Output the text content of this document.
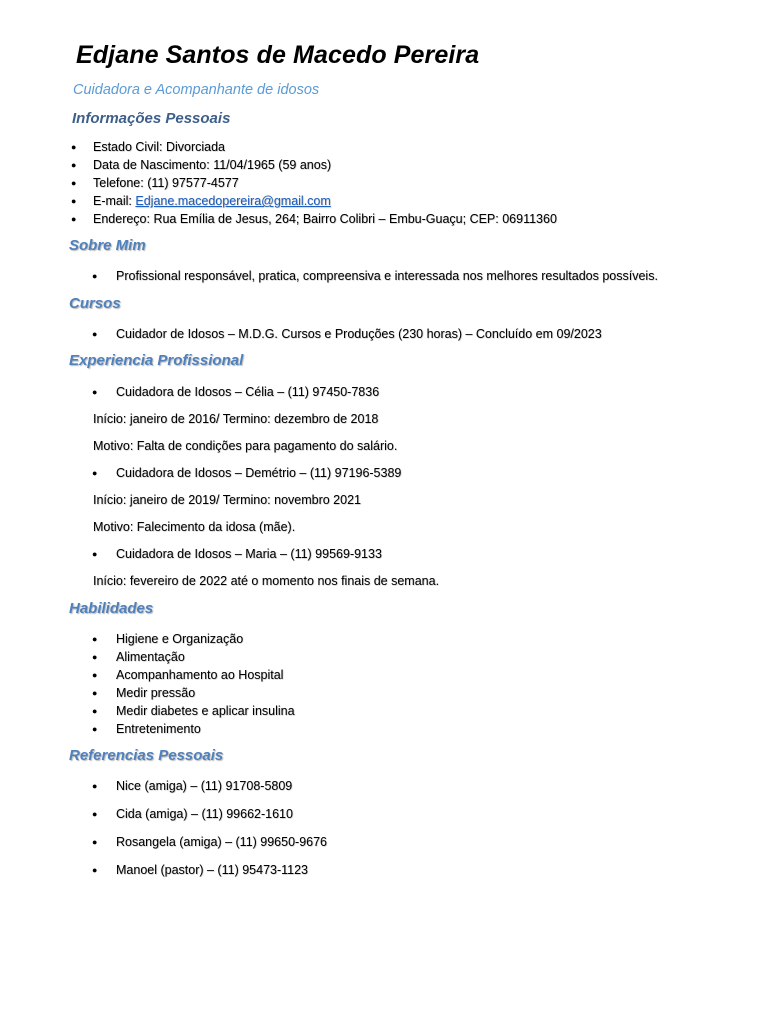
Edjane Santos de Macedo Pereira

Cuidadora e Acompanhante de idosos

Informações Pessoais
● Estado Civil: Divorciada

● Data de Nascimento: 11/04/1965 (59 anos)

● Telefone: (11) 97577-4577

● E-mail: Edjane.macedopereira@gmail.com

● Endereço: Rua Emília de Jesus, 264; Bairro Colibri – Embu-Guaçu; CEP: 06911360

Sobre Mim
● Profissional responsável, pratica, compreensiva e interessada nos melhores resultados possíveis.

Cursos
● Cuidador de Idosos – M.D.G. Cursos e Produções (230 horas) – Concluído em 09/2023

Experiencia Profissional
● Cuidadora de Idosos – Célia – (11) 97450-7836

Início: janeiro de 2016/ Termino: dezembro de 2018

Motivo: Falta de condições para pagamento do salário.

● Cuidadora de Idosos – Demétrio – (11) 97196-5389

Início: janeiro de 2019/ Termino: novembro 2021

Motivo: Falecimento da idosa (mãe).

● Cuidadora de Idosos – Maria – (11) 99569-9133

Início: fevereiro de 2022 até o momento nos finais de semana.

Habilidades
● Higiene e Organização

● Alimentação

● Acompanhamento ao Hospital

● Medir pressão

● Medir diabetes e aplicar insulina

● Entretenimento

Referencias Pessoais
● Nice (amiga) – (11) 91708-5809

● Cida (amiga) – (11) 99662-1610

● Rosangela (amiga) – (11) 99650-9676

● Manoel (pastor) – (11) 95473-1123
